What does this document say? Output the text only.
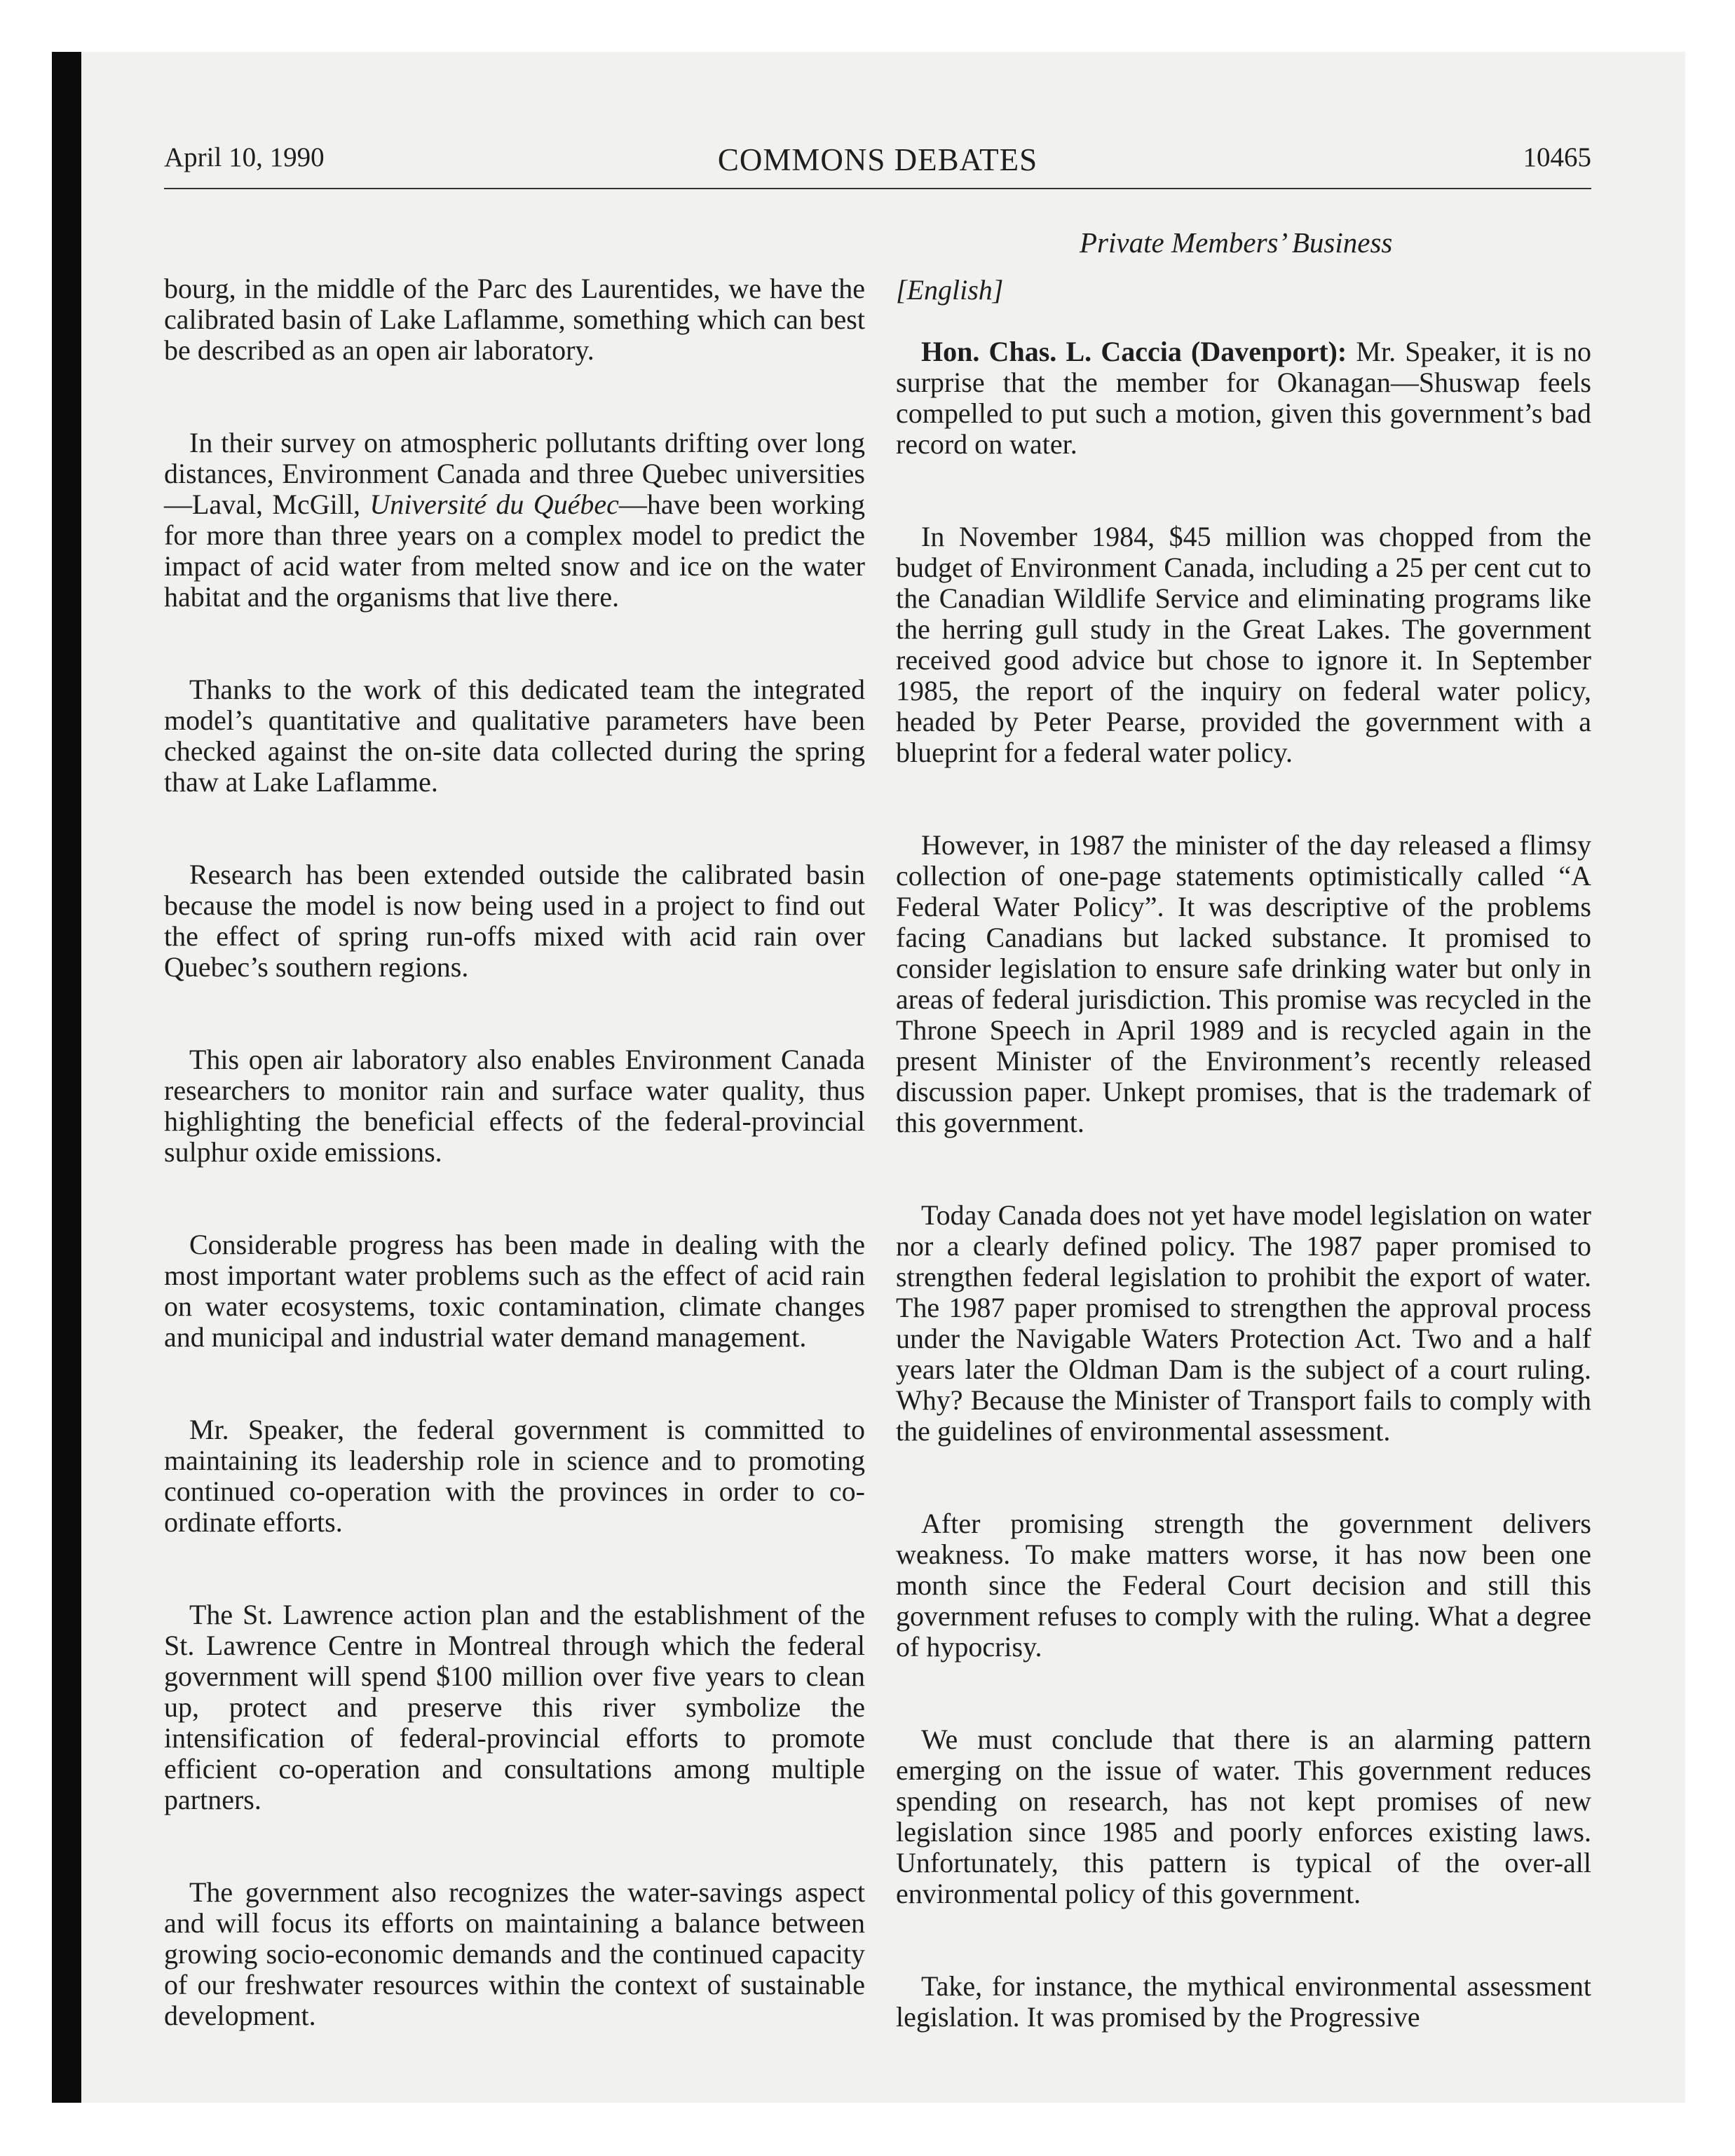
April 10, 1990	COMMONS DEBATES	10465
Private Members’ Business

bourg, in the middle of the Parc des Laurentides, we have the calibrated basin of Lake Laflamme, something which can best be described as an open air laboratory.

In their survey on atmospheric pollutants drifting over long distances, Environment Canada and three Quebec universities—Laval, McGill, Université du Québec—have been working for more than three years on a complex model to predict the impact of acid water from melted snow and ice on the water habitat and the organisms that live there.

Thanks to the work of this dedicated team the integrated model’s quantitative and qualitative parameters have been checked against the on-site data collected during the spring thaw at Lake Laflamme.

Research has been extended outside the calibrated basin because the model is now being used in a project to find out the effect of spring run-offs mixed with acid rain over Quebec’s southern regions.

This open air laboratory also enables Environment Canada researchers to monitor rain and surface water quality, thus highlighting the beneficial effects of the federal-provincial sulphur oxide emissions.

Considerable progress has been made in dealing with the most important water problems such as the effect of acid rain on water ecosystems, toxic contamination, climate changes and municipal and industrial water demand management.

Mr. Speaker, the federal government is committed to maintaining its leadership role in science and to promoting continued co-operation with the provinces in order to co-ordinate efforts.

The St. Lawrence action plan and the establishment of the St. Lawrence Centre in Montreal through which the federal government will spend $100 million over five years to clean up, protect and preserve this river symbolize the intensification of federal-provincial efforts to promote efficient co-operation and consultations among multiple partners.

The government also recognizes the water-savings aspect and will focus its efforts on maintaining a balance between growing socio-economic demands and the continued capacity of our freshwater resources within the context of sustainable development.

[English]

Hon. Chas. L. Caccia (Davenport): Mr. Speaker, it is no surprise that the member for Okanagan—Shuswap feels compelled to put such a motion, given this government’s bad record on water.

In November 1984, $45 million was chopped from the budget of Environment Canada, including a 25 per cent cut to the Canadian Wildlife Service and eliminating programs like the herring gull study in the Great Lakes. The government received good advice but chose to ignore it. In September 1985, the report of the inquiry on federal water policy, headed by Peter Pearse, provided the government with a blueprint for a federal water policy.

However, in 1987 the minister of the day released a flimsy collection of one-page statements optimistically called “A Federal Water Policy”. It was descriptive of the problems facing Canadians but lacked substance. It promised to consider legislation to ensure safe drinking water but only in areas of federal jurisdiction. This promise was recycled in the Throne Speech in April 1989 and is recycled again in the present Minister of the Environment’s recently released discussion paper. Unkept promises, that is the trademark of this government.

Today Canada does not yet have model legislation on water nor a clearly defined policy. The 1987 paper promised to strengthen federal legislation to prohibit the export of water. The 1987 paper promised to strengthen the approval process under the Navigable Waters Protection Act. Two and a half years later the Oldman Dam is the subject of a court ruling. Why? Because the Minister of Transport fails to comply with the guidelines of environmental assessment.

After promising strength the government delivers weakness. To make matters worse, it has now been one month since the Federal Court decision and still this government refuses to comply with the ruling. What a degree of hypocrisy.

We must conclude that there is an alarming pattern emerging on the issue of water. This government reduces spending on research, has not kept promises of new legislation since 1985 and poorly enforces existing laws. Unfortunately, this pattern is typical of the over-all environmental policy of this government.

Take, for instance, the mythical environmental assessment legislation. It was promised by the Progressive
